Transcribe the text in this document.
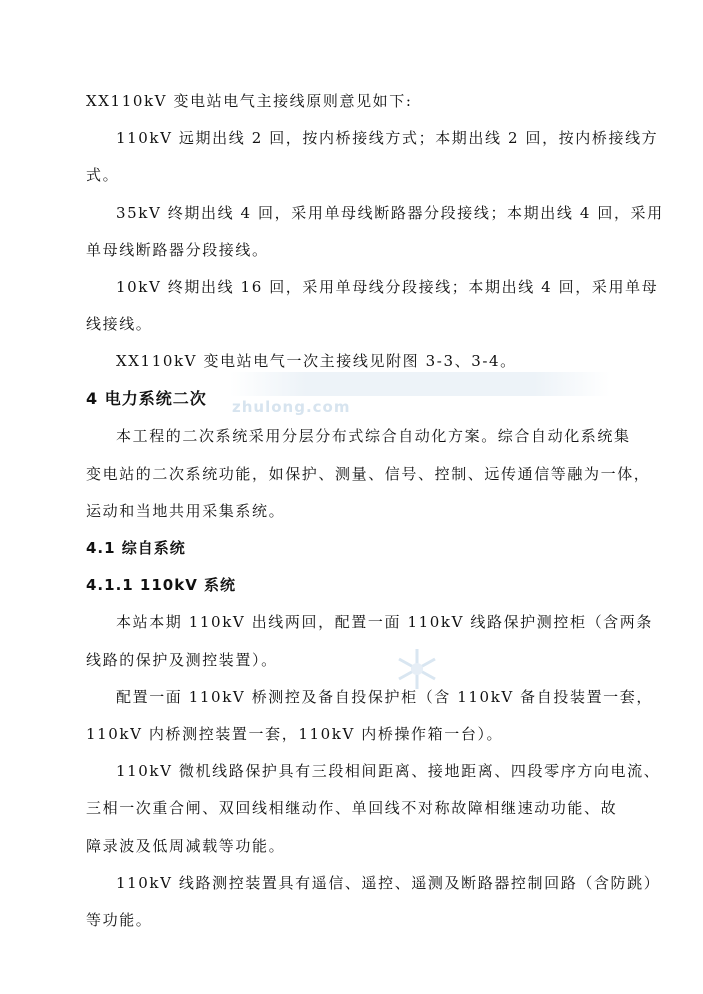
zhulong.com
XX110kV 变电站电气主接线原则意见如下:
110kV 远期出线 2 回，按内桥接线方式；本期出线 2 回，按内桥接线方
式。
35kV 终期出线 4 回，采用单母线断路器分段接线；本期出线 4 回，采用
单母线断路器分段接线。
10kV 终期出线 16 回，采用单母线分段接线；本期出线 4 回，采用单母
线接线。
XX110kV 变电站电气一次主接线见附图 3-3、3-4。
4 电力系统二次
本工程的二次系统采用分层分布式综合自动化方案。综合自动化系统集
变电站的二次系统功能，如保护、测量、信号、控制、远传通信等融为一体，
运动和当地共用采集系统。
4.1 综自系统
4.1.1 110kV 系统
本站本期 110kV 出线两回，配置一面 110kV 线路保护测控柜（含两条
线路的保护及测控装置）。
配置一面 110kV 桥测控及备自投保护柜（含 110kV 备自投装置一套，
110kV 内桥测控装置一套，110kV 内桥操作箱一台）。
110kV 微机线路保护具有三段相间距离、接地距离、四段零序方向电流、
三相一次重合闸、双回线相继动作、单回线不对称故障相继速动功能、故
障录波及低周减载等功能。
110kV 线路测控装置具有遥信、遥控、遥测及断路器控制回路（含防跳）
等功能。
